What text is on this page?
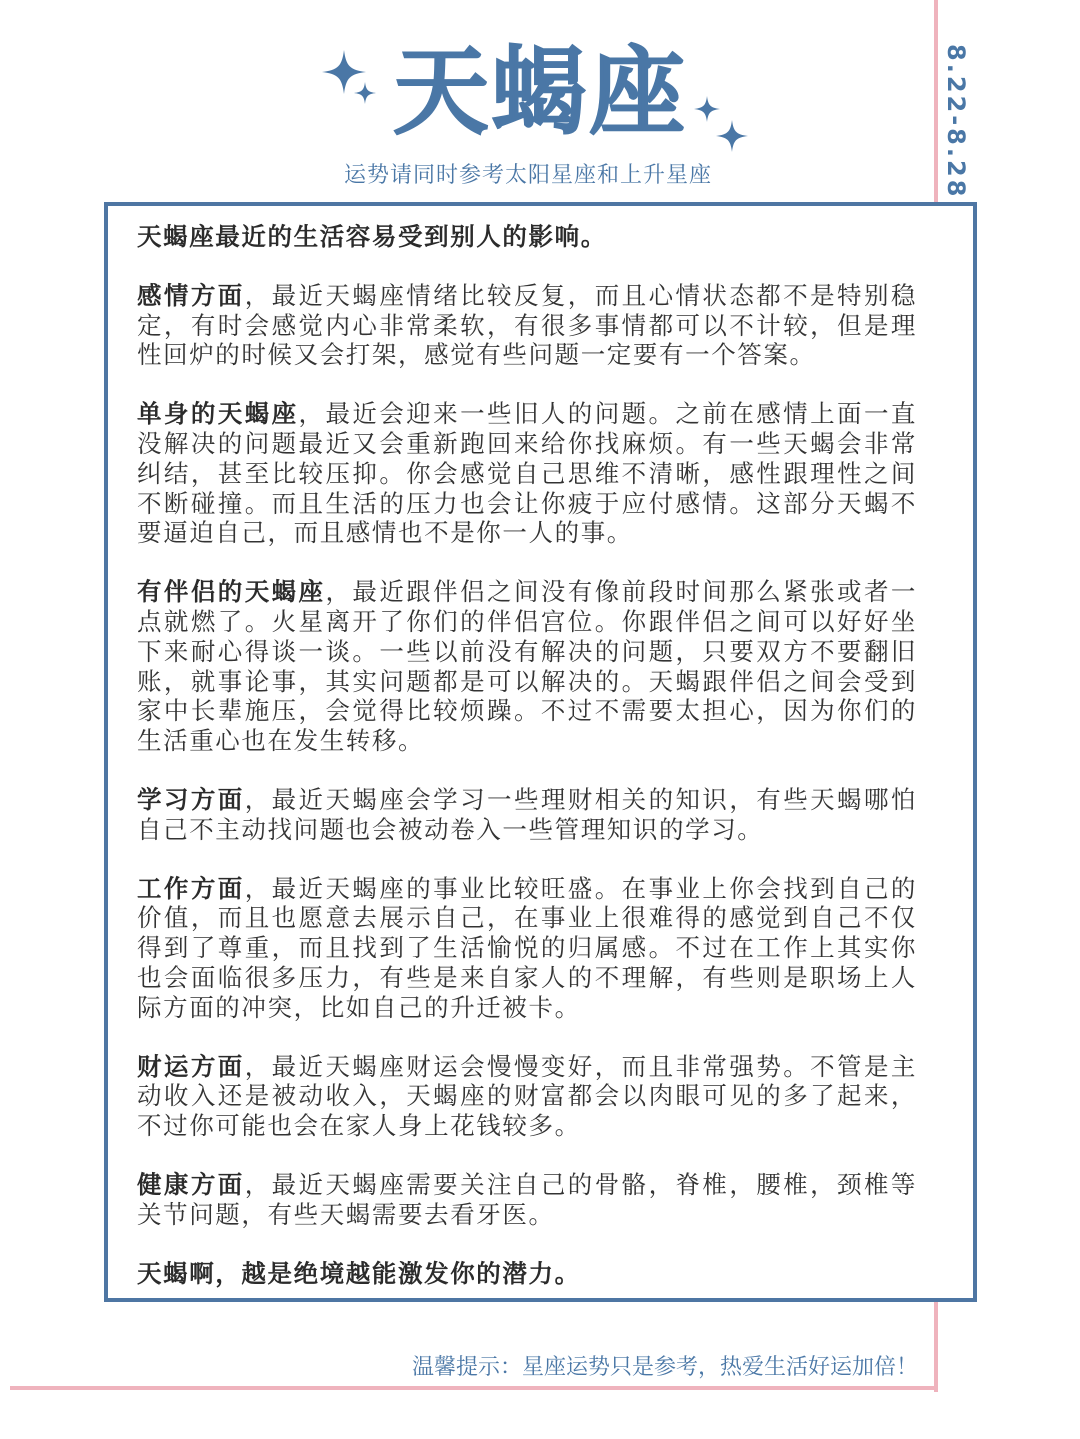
天蝎座
运势请同时参考太阳星座和上升星座	8.22-8.28

天蝎座最近的生活容易受到别人的影响。

感情方面，最近天蝎座情绪比较反复，而且心情状态都不是特别稳定，有时会感觉内心非常柔软，有很多事情都可以不计较，但是理性回炉的时候又会打架，感觉有些问题一定要有一个答案。

单身的天蝎座，最近会迎来一些旧人的问题。之前在感情上面一直没解决的问题最近又会重新跑回来给你找麻烦。有一些天蝎会非常纠结，甚至比较压抑。你会感觉自己思维不清晰，感性跟理性之间不断碰撞。而且生活的压力也会让你疲于应付感情。这部分天蝎不要逼迫自己，而且感情也不是你一人的事。

有伴侣的天蝎座，最近跟伴侣之间没有像前段时间那么紧张或者一点就燃了。火星离开了你们的伴侣宫位。你跟伴侣之间可以好好坐下来耐心得谈一谈。一些以前没有解决的问题，只要双方不要翻旧账，就事论事，其实问题都是可以解决的。天蝎跟伴侣之间会受到家中长辈施压，会觉得比较烦躁。不过不需要太担心，因为你们的生活重心也在发生转移。

学习方面，最近天蝎座会学习一些理财相关的知识，有些天蝎哪怕自己不主动找问题也会被动卷入一些管理知识的学习。

工作方面，最近天蝎座的事业比较旺盛。在事业上你会找到自己的价值，而且也愿意去展示自己，在事业上很难得的感觉到自己不仅得到了尊重，而且找到了生活愉悦的归属感。不过在工作上其实你也会面临很多压力，有些是来自家人的不理解，有些则是职场上人际方面的冲突，比如自己的升迁被卡。

财运方面，最近天蝎座财运会慢慢变好，而且非常强势。不管是主动收入还是被动收入，天蝎座的财富都会以肉眼可见的多了起来，不过你可能也会在家人身上花钱较多。

健康方面，最近天蝎座需要关注自己的骨骼，脊椎，腰椎，颈椎等关节问题，有些天蝎需要去看牙医。

天蝎啊，越是绝境越能激发你的潜力。

温馨提示：星座运势只是参考，热爱生活好运加倍！
